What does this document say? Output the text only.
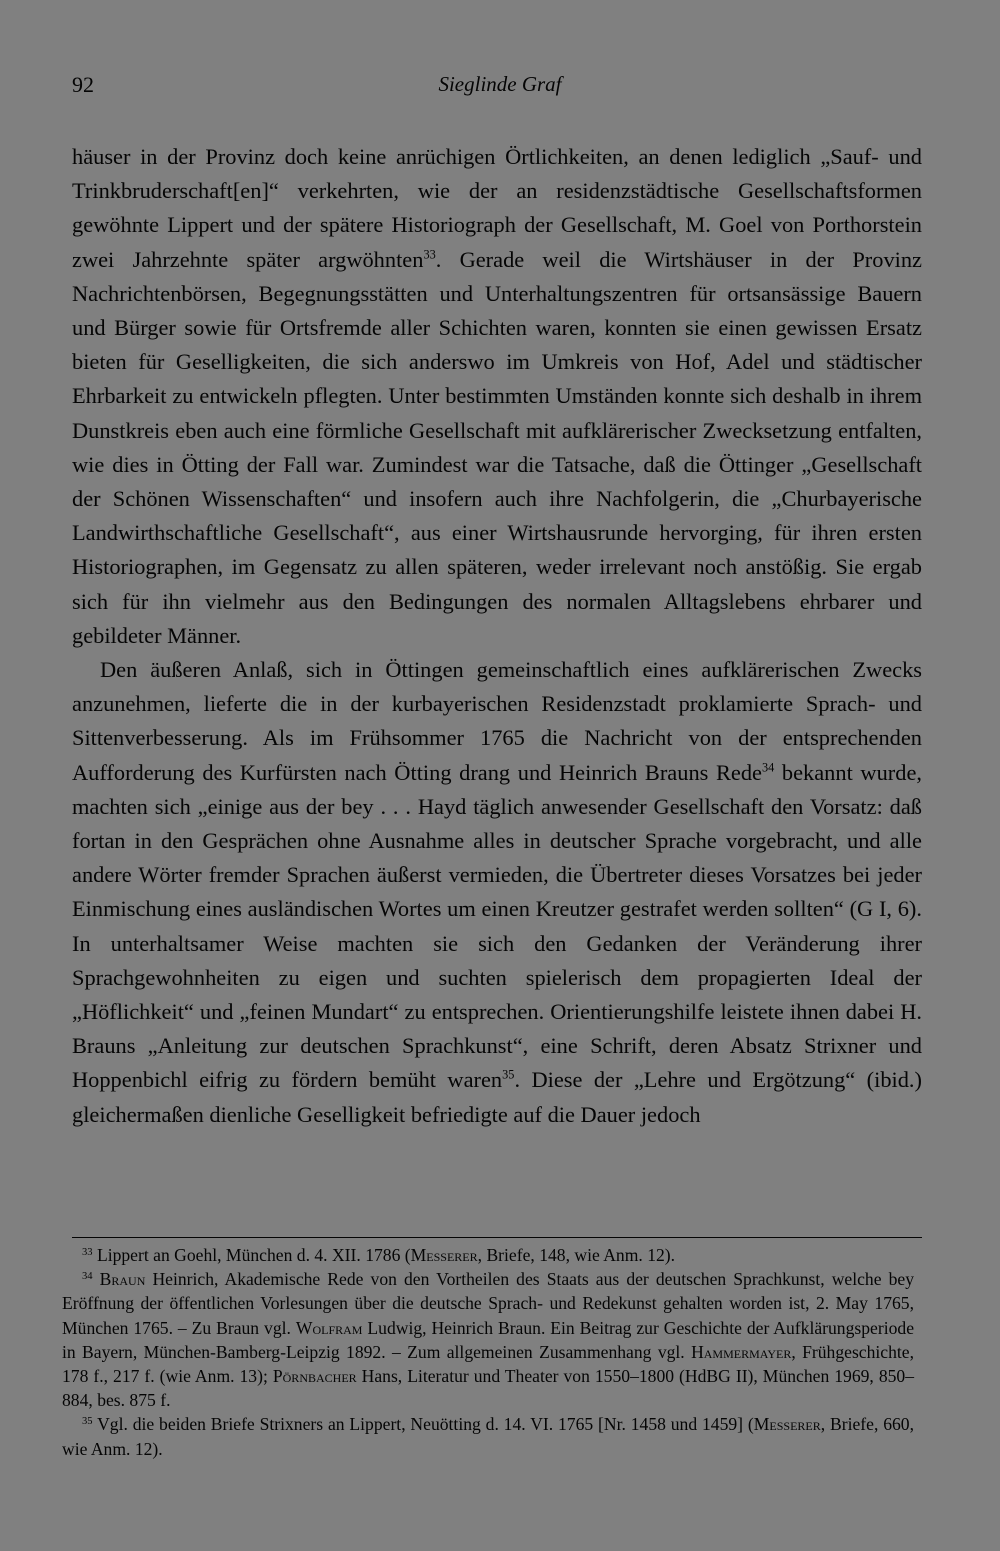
92	Sieglinde Graf

häuser in der Provinz doch keine anrüchigen Örtlichkeiten, an denen lediglich „Sauf- und Trinkbruderschaft[en]“ verkehrten, wie der an residenzstädtische Gesellschaftsformen gewöhnte Lippert und der spätere Historiograph der Gesellschaft, M. Goel von Porthorstein zwei Jahrzehnte später argwöhnten$^{33}$. Gerade weil die Wirtshäuser in der Provinz Nachrichtenbörsen, Begegnungsstätten und Unterhaltungszentren für ortsansässige Bauern und Bürger sowie für Ortsfremde aller Schichten waren, konnten sie einen gewissen Ersatz bieten für Geselligkeiten, die sich anderswo im Umkreis von Hof, Adel und städtischer Ehrbarkeit zu entwickeln pflegten. Unter bestimmten Umständen konnte sich deshalb in ihrem Dunstkreis eben auch eine förmliche Gesellschaft mit aufklärerischer Zwecksetzung entfalten, wie dies in Ötting der Fall war. Zumindest war die Tatsache, daß die Öttinger „Gesellschaft der Schönen Wissenschaften“ und insofern auch ihre Nachfolgerin, die „Churbayerische Landwirthschaftliche Gesellschaft“, aus einer Wirtshausrunde hervorging, für ihren ersten Historiographen, im Gegensatz zu allen späteren, weder irrelevant noch anstößig. Sie ergab sich für ihn vielmehr aus den Bedingungen des normalen Alltagslebens ehrbarer und gebildeter Männer.

Den äußeren Anlaß, sich in Öttingen gemeinschaftlich eines aufklärerischen Zwecks anzunehmen, lieferte die in der kurbayerischen Residenzstadt proklamierte Sprach- und Sittenverbesserung. Als im Frühsommer 1765 die Nachricht von der entsprechenden Aufforderung des Kurfürsten nach Ötting drang und Heinrich Brauns Rede$^{34}$ bekannt wurde, machten sich „einige aus der bey . . . Hayd täglich anwesender Gesellschaft den Vorsatz: daß fortan in den Gesprächen ohne Ausnahme alles in deutscher Sprache vorgebracht, und alle andere Wörter fremder Sprachen äußerst vermieden, die Übertreter dieses Vorsatzes bei jeder Einmischung eines ausländischen Wortes um einen Kreutzer gestrafet werden sollten“ (G I, 6). In unterhaltsamer Weise machten sie sich den Gedanken der Veränderung ihrer Sprachgewohnheiten zu eigen und suchten spielerisch dem propagierten Ideal der „Höflichkeit“ und „feinen Mundart“ zu entsprechen. Orientierungshilfe leistete ihnen dabei H. Brauns „Anleitung zur deutschen Sprachkunst“, eine Schrift, deren Absatz Strixner und Hoppenbichl eifrig zu fördern bemüht waren$^{35}$. Diese der „Lehre und Ergötzung“ (ibid.) gleichermaßen dienliche Geselligkeit befriedigte auf die Dauer jedoch

$^{33}$ Lippert an Goehl, München d. 4. XII. 1786 (Messerer, Briefe, 148, wie Anm. 12).

$^{34}$ Braun Heinrich, Akademische Rede von den Vortheilen des Staats aus der deutschen Sprachkunst, welche bey Eröffnung der öffentlichen Vorlesungen über die deutsche Sprach- und Redekunst gehalten worden ist, 2. May 1765, München 1765. – Zu Braun vgl. Wolfram Ludwig, Heinrich Braun. Ein Beitrag zur Geschichte der Aufklärungsperiode in Bayern, München-Bamberg-Leipzig 1892. – Zum allgemeinen Zusammenhang vgl. Hammermayer, Frühgeschichte, 178 f., 217 f. (wie Anm. 13); Pörnbacher Hans, Literatur und Theater von 1550–1800 (HdBG II), München 1969, 850–884, bes. 875 f.

$^{35}$ Vgl. die beiden Briefe Strixners an Lippert, Neuötting d. 14. VI. 1765 [Nr. 1458 und 1459] (Messerer, Briefe, 660, wie Anm. 12).
